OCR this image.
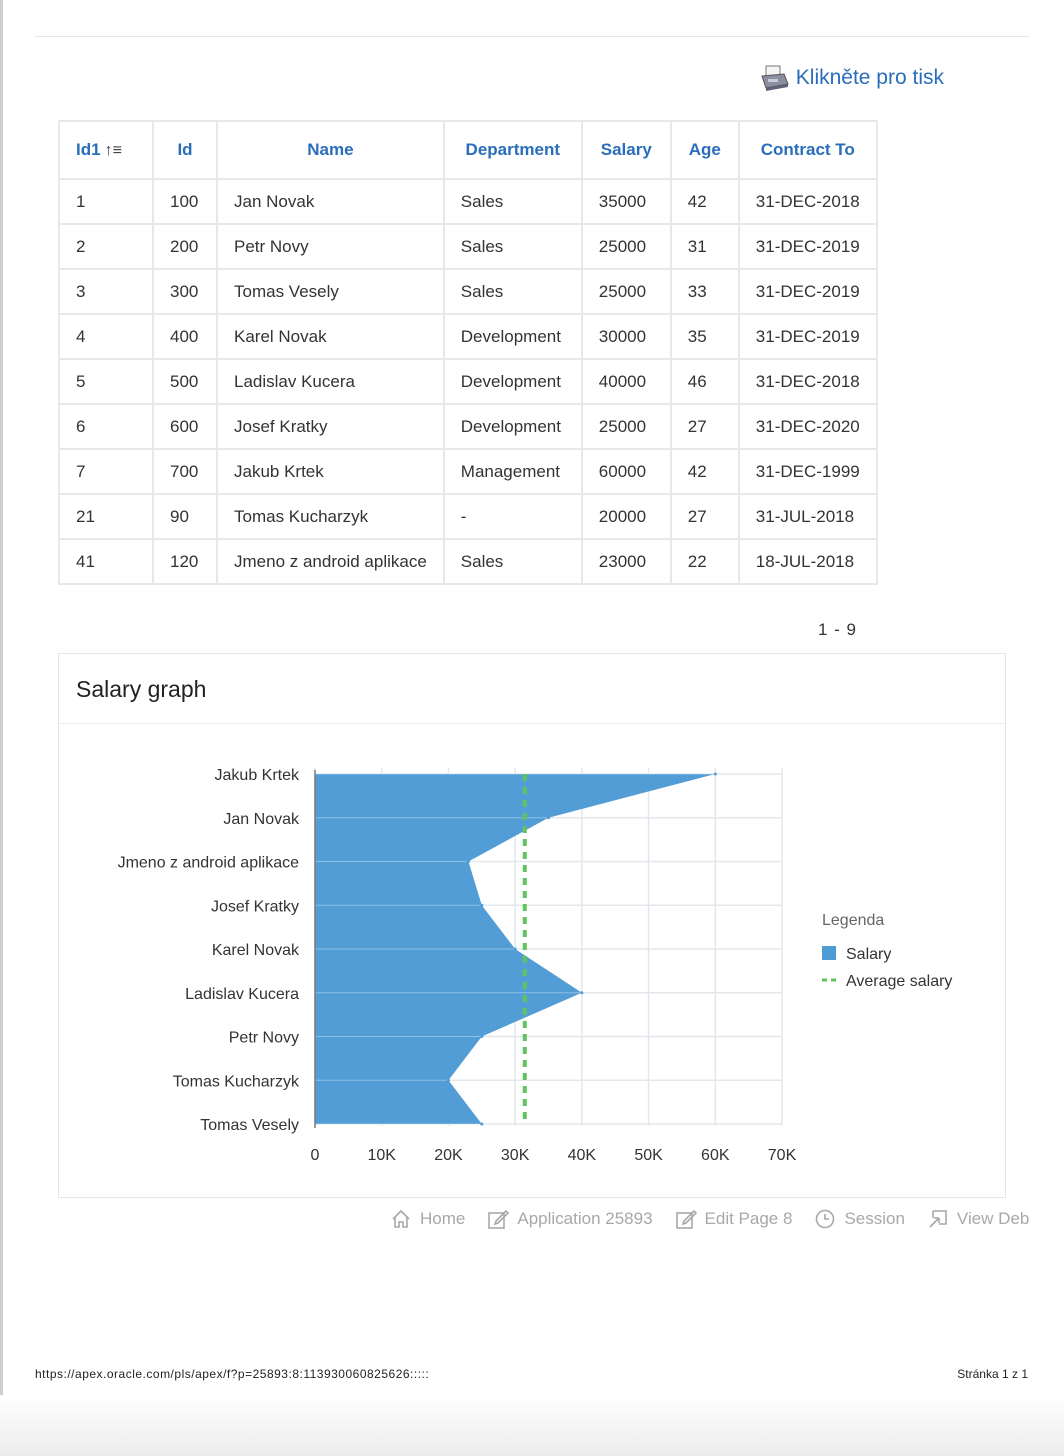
Klikněte pro tisk
Id1 ↑≡	Id	Name	Department	Salary	Age	Contract To
1	100	Jan Novak	Sales	35000	42	31-DEC-2018
2	200	Petr Novy	Sales	25000	31	31-DEC-2019
3	300	Tomas Vesely	Sales	25000	33	31-DEC-2019
4	400	Karel Novak	Development	30000	35	31-DEC-2019
5	500	Ladislav Kucera	Development	40000	46	31-DEC-2018
6	600	Josef Kratky	Development	25000	27	31-DEC-2020
7	700	Jakub Krtek	Management	60000	42	31-DEC-1999
21	90	Tomas Kucharzyk	-	20000	27	31-JUL-2018
41	120	Jmeno z android aplikace	Sales	23000	22	18-JUL-2018
1 - 9
Salary graph
Jakub Krtek
Jan Novak
Jmeno z android aplikace
Josef Kratky
Karel Novak
Ladislav Kucera
Petr Novy
Tomas Kucharzyk
Tomas Vesely
0	10K 20K 30K 40K 50K 60K 70K
Legenda
Salary
Average salary
Home	Application 25893	Edit Page 8	Session	View Deb
https://apex.oracle.com/pls/apex/f?p=25893:8:113930060825626:::::	Stránka 1 z 1
